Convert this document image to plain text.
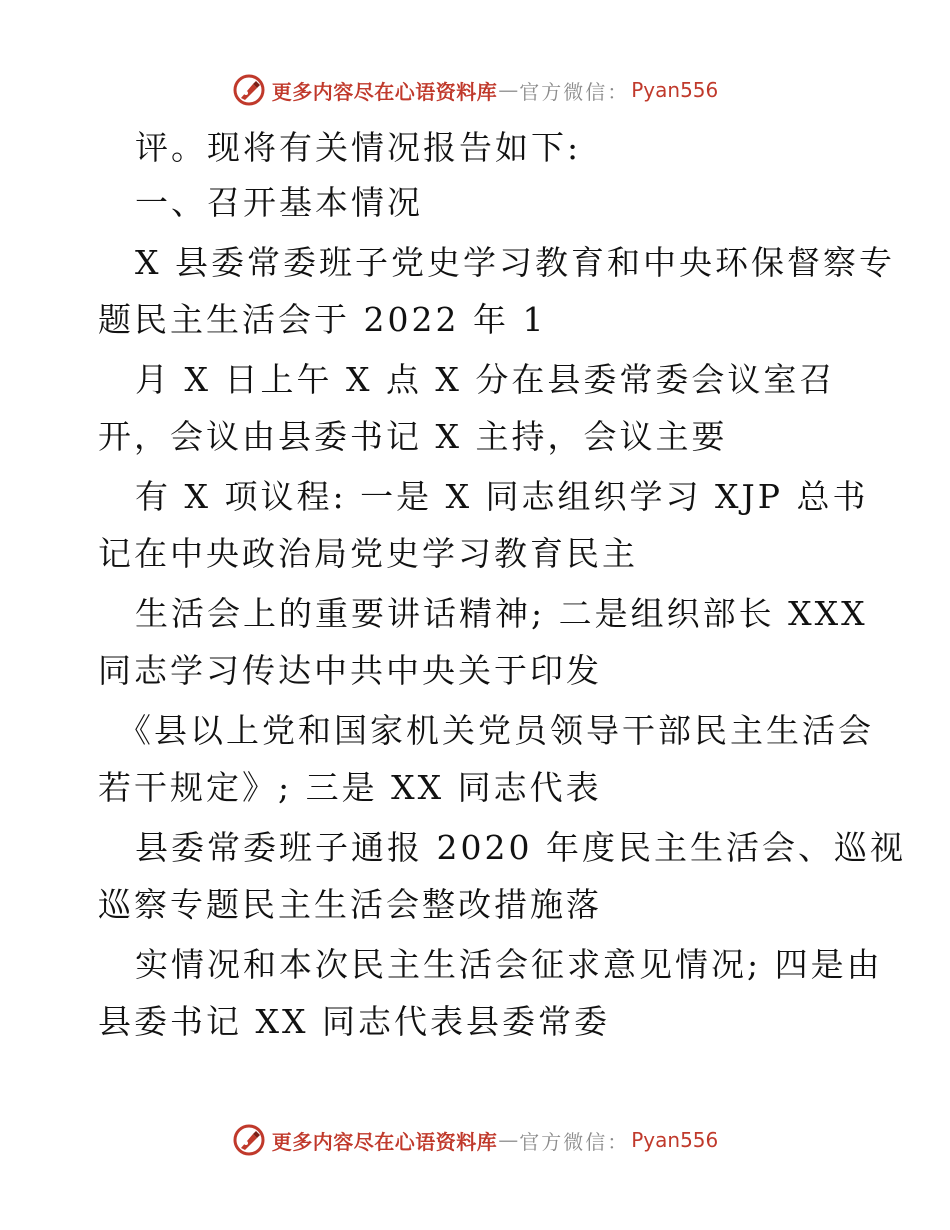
更多内容尽在心语资料库 — 官方微信： Pyan556
评。现将有关情况报告如下:
一、召开基本情况
X 县委常委班子党史学习教育和中央环保督察专
题民主生活会于 2022 年 1
月 X 日上午 X 点 X 分在县委常委会议室召
开，会议由县委书记 X 主持，会议主要
有 X 项议程: 一是 X 同志组织学习 XJP 总书
记在中央政治局党史学习教育民主
生活会上的重要讲话精神; 二是组织部长 XXX
同志学习传达中共中央关于印发
《县以上党和国家机关党员领导干部民主生活会
若干规定》; 三是 XX 同志代表
县委常委班子通报 2020 年度民主生活会、巡视
巡察专题民主生活会整改措施落
实情况和本次民主生活会征求意见情况; 四是由
县委书记 XX 同志代表县委常委
更多内容尽在心语资料库 — 官方微信： Pyan556
